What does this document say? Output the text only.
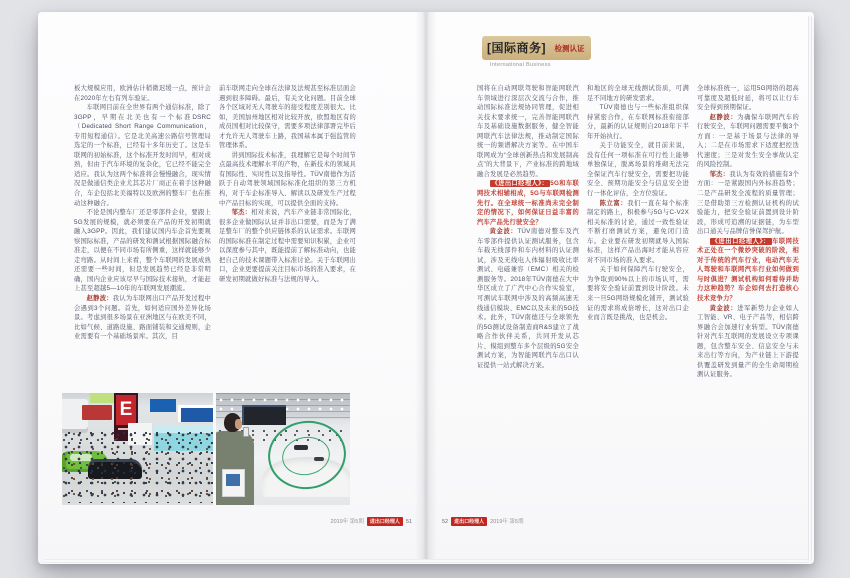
[国际商务] 检测认证
International Business

板大规模应用，欧洲估计稍微迟缓一点，预计会在2020年左右有列车验证。

车联网目前在全世界有两个通信标准，除了3GPP，早期在北美也有一个标准DSRC（Dedicated Short Range Communication，专用短程通信）。它是北美高速公路信号管理局选定的一个标准，已经有十多年历史了。这是车联网的初始标准，这个标准开发时间早，相对成熟，但由于汽车环境的复杂化，它已经不能完全适应。我认为这两个标准将会慢慢融合，现实情况是做通信类企业尤其芯片厂商正在着手这种融合，车企包括北美福特以及欧洲的整车厂也在推动这种融合。

不论是国内整车厂还是零部件企业，要跟上5G发展的规模，就必须要在产品的开发初期就融入3GPP。因此，我们建议国内车企首先要观察国际标准，产品的研发和测试根据国际融合标准走，以便在不同市场有所侧重，这样就能够少走弯路。从时间上来看，整个车联网的发展成熟还需要一些时间，但是发展趋势已经是非常明确，国内企业应该尽早与国际技术接轨，才能赶上甚至超越5—10年的车联网发展潮流。

赵静波：我认为车联网出口产品开发过程中会遇到3个问题。首先，如何适应国外差异化场景。考虑到很多场景在亚洲地区与在欧美不同，比如气候、道路设施、路面铺装和交通规则，企业需要有一个基础场景库。其次，目

前车联网走向全球在法律及法规甚至标准层面会遇到很多障碍。最后，有关文化问题。目前全球各个区域对无人驾驶车的接受程度差别很大。比如，美国加州地区相对比较开放，欧盟地区有的成员国相对比较保守，需要多项法律部署完毕后才允许无人驾驶车上路，我国基本属于强监管的管理体系。

讲到国际技术标准，我理解它是每个时间节点最高技术理解水平的产物，在新技术的领域具有国际性、实时性以及指导性。TÜV南德作为活跃于自动驾驶领域国际标准化组织的第三方机构，对于车企标准导入、解读以及研发生产过程中产品目标的实现，可以提供全面的支持。

邹杰：相对来说，汽车产业链非常国际化，很多企业做国际认证并非出口需要，而是为了满足整车厂的整个供应链体系的认证需求。车联网的国际标准在制定过程中需要知识积累，企业可以深度参与其中，既能提前了解标准动向，也能把自己的技术课题带入标准讨论。关于车联网出口，企业更要提前关注目标市场的准入要求，在研发初期就做好标准与法规的导入。

E

国将在自动网联驾驶和智能网联汽车领域进行深层次交流与合作，推动国际标准法规协同管理，促进相关技术要求统一，完善智能网联汽车及基础设施数据服务，健全智能网联汽车法律法规，推动制定国际统一的频谱解决方案等。在中国车联网成为“全球创新热点和发展制高点”的大背景下，产业标准的跨地域融合发展是必然趋势。

《进出口经理人》： 5G和车联网技术相辅相成，5G与车联网检测先行。在全球统一标准尚未完全制定的情况下，如何保证日益丰富的汽车产品先行驶安全？

黄金波：TÜV南德对整车及汽车零部件提供认证测试服务，包含车载无线部件和车内材料的认证测试，涉及无线电人体辐射吸收比率测试、电磁兼容（EMC）相关的检测服务等。2018年TÜV南德在大中华区成立了广汽中心合作实验室，可测试车联网中涉及的高频高速无线通信模块、EMC以及未来的5G技术。此外，TÜV南德还与全球领先的5G测试设备制造商R&S建立了战略合作伙伴关系，共同开发从芯片、模组到整车多个层级的5G安全测试方案，为智能网联汽车出口认证提供一站式解决方案。

和地区的全球无线测试资质，可满足不同地方的研发需求。

TÜV南德也与一些标准组织保持紧密合作，在车联网标准衔接部分，最新的认证规则自2018年下半年开始执行。

关于功能安全，就目前来说，没有任何一项标准在可行性上能够单独保证，脱离场景的堆砌无法完全保证汽车行驶安全，需要把功能安全、预期功能安全与信息安全进行一体化评估，全方位验证。

陈立富：我们一直在每个标准制定的路上，积极参与5G与C-V2X相关标准的讨论，通过一致性验证不断打磨测试方案，避免闭门造车。企业要在研发初期就导入国际标准，这样产品出海时才能从容应对不同市场的准入要求。

关于如何保障汽车行驶安全，为争取到90%以上的市场认可，需要将安全验证前置到设计阶段。未来一旦5G网络规模化铺开，测试验证的需求将成倍增长，这对出口企业而言既是挑战，也是机会。

全球标准统一，运用5G网络的超高可靠度及超低时延，将可以让行车安全得到预期保证。

赵静波：为确保车联网汽车的行驶安全，车联网问题需要平衡3个方面：一是基于场景与法律的导入；二是在市场需求下适度把控迭代速度；三是对发生安全事故认定的风险控制。

邹杰：我认为有效的措施有3个方面：一是紧跟国内外标准趋势；二是产品研发全流程的质量管理；三是借助第三方检测认证机构的试验能力，把安全验证前置到设计阶段，形成可追溯的证据链，为车型出口通关与品牌信誉保驾护航。

《进出口经理人》： 车联网技术正处在一个微妙突破的阶段，相对于传统的汽车行业，电动汽车无人驾驶和车联网汽车行业如何做到与时俱进？测试机构如何看待并助力这种趋势？车企如何去打造核心技术竞争力？

黄金波：进军新势力企业如人工智能、VR、电子产品等，相信跨界融合会加速行业转型。TÜV南德针对汽车互联网的发展设立专项课题，包含整车安全、信息安全与未来出行等方向，为产业链上下游提供覆盖研发到量产的全生命周期检测认证服务。

2019年 第5期 进出口经理人 51	52 进出口经理人 2019年 第5期
